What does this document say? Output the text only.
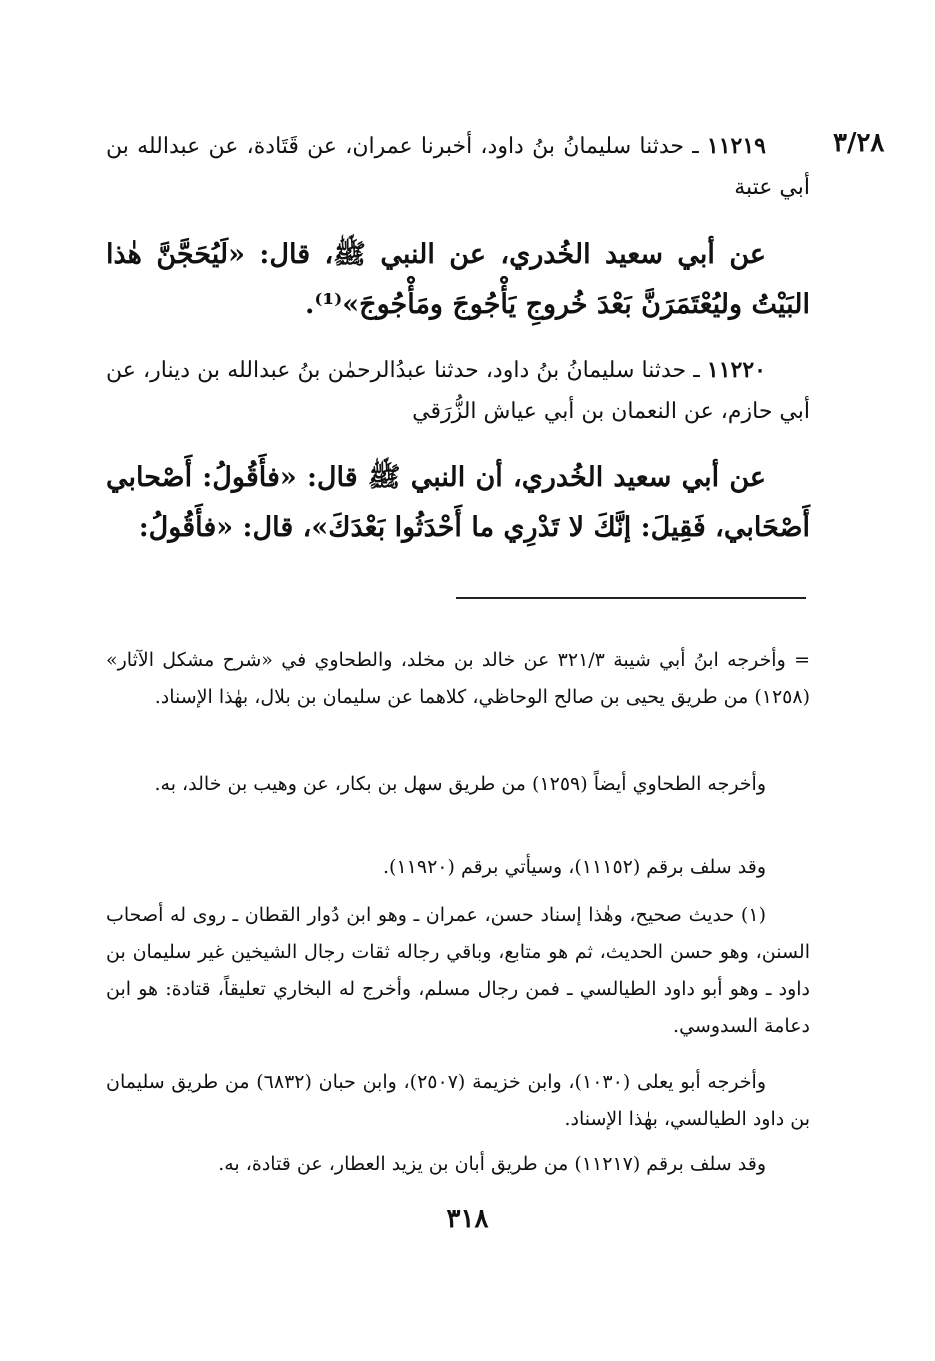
٣/٢٨
١١٢١٩ ـ حدثنا سليمانُ بنُ داود، أخبرنا عمران، عن قَتَادة، عن عبدالله بن أبي عتبة
عن أبي سعيد الخُدري، عن النبي ﷺ، قال: «لَيُحَجَّنَّ هٰذا البَيْتُ وليُعْتَمَرَنَّ بَعْدَ خُروجِ يَأْجُوجَ ومَأْجُوجَ»⁽¹⁾.
١١٢٢٠ ـ حدثنا سليمانُ بنُ داود، حدثنا عبدُالرحمٰن بنُ عبدالله بن دينار، عن أبي حازم، عن النعمان بن أبي عياش الزُّرَقي
عن أبي سعيد الخُدري، أن النبي ﷺ قال: «فأَقُولُ: أَصْحابي أَصْحَابي، فَقِيلَ: إنَّكَ لا تَدْرِي ما أَحْدَثُوا بَعْدَكَ»، قال: «فأَقُولُ:
= وأخرجه ابنُ أبي شيبة ٣٢١/٣ عن خالد بن مخلد، والطحاوي في «شرح مشكل الآثار» (١٢٥٨) من طريق يحيى بن صالح الوحاظي، كلاهما عن سليمان بن بلال، بهٰذا الإسناد.
وأخرجه الطحاوي أيضاً (١٢٥٩) من طريق سهل بن بكار، عن وهيب بن خالد، به.
وقد سلف برقم (١١١٥٢)، وسيأتي برقم (١١٩٢٠).
(١) حديث صحيح، وهٰذا إسناد حسن، عمران ـ وهو ابن دُوار القطان ـ روى له أصحاب السنن، وهو حسن الحديث، ثم هو متابع، وباقي رجاله ثقات رجال الشيخين غير سليمان بن داود ـ وهو أبو داود الطيالسي ـ فمن رجال مسلم، وأخرج له البخاري تعليقاً، قتادة: هو ابن دعامة السدوسي.
وأخرجه أبو يعلى (١٠٣٠)، وابن خزيمة (٢٥٠٧)، وابن حبان (٦٨٣٢) من طريق سليمان بن داود الطيالسي، بهٰذا الإسناد.
وقد سلف برقم (١١٢١٧) من طريق أبان بن يزيد العطار، عن قتادة، به.
٣١٨
